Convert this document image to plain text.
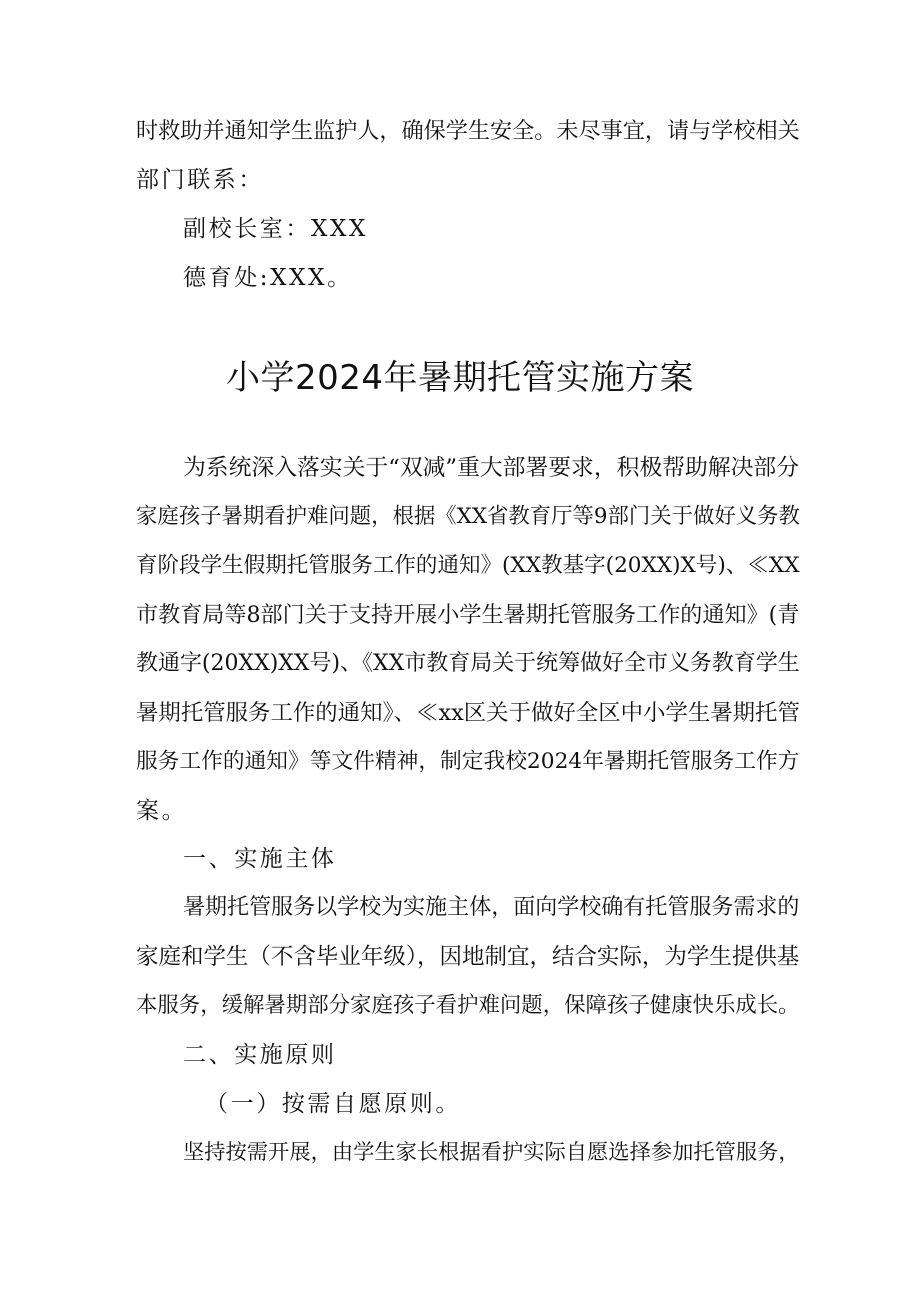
时救助并通知学生监护人，确保学生安全。未尽事宜，请与学校相关
部门联系：
副校长室：XXX
德育处:XXX。
小学2024年暑期托管实施方案
为系统深入落实关于“双减”重大部署要求，积极帮助解决部分
家庭孩子暑期看护难问题，根据《XX省教育厅等9部门关于做好义务教
育阶段学生假期托管服务工作的通知》(XX教基字(20XX)X号)、≪XX
市教育局等8部门关于支持开展小学生暑期托管服务工作的通知》(青
教通字(20XX)XX号)、《XX市教育局关于统筹做好全市义务教育学生
暑期托管服务工作的通知》、≪xx区关于做好全区中小学生暑期托管
服务工作的通知》等文件精神，制定我校2024年暑期托管服务工作方
案。
一、实施主体
暑期托管服务以学校为实施主体，面向学校确有托管服务需求的
家庭和学生（不含毕业年级），因地制宜，结合实际，为学生提供基
本服务，缓解暑期部分家庭孩子看护难问题，保障孩子健康快乐成长。
二、实施原则
（一）按需自愿原则。
坚持按需开展，由学生家长根据看护实际自愿选择参加托管服务，
